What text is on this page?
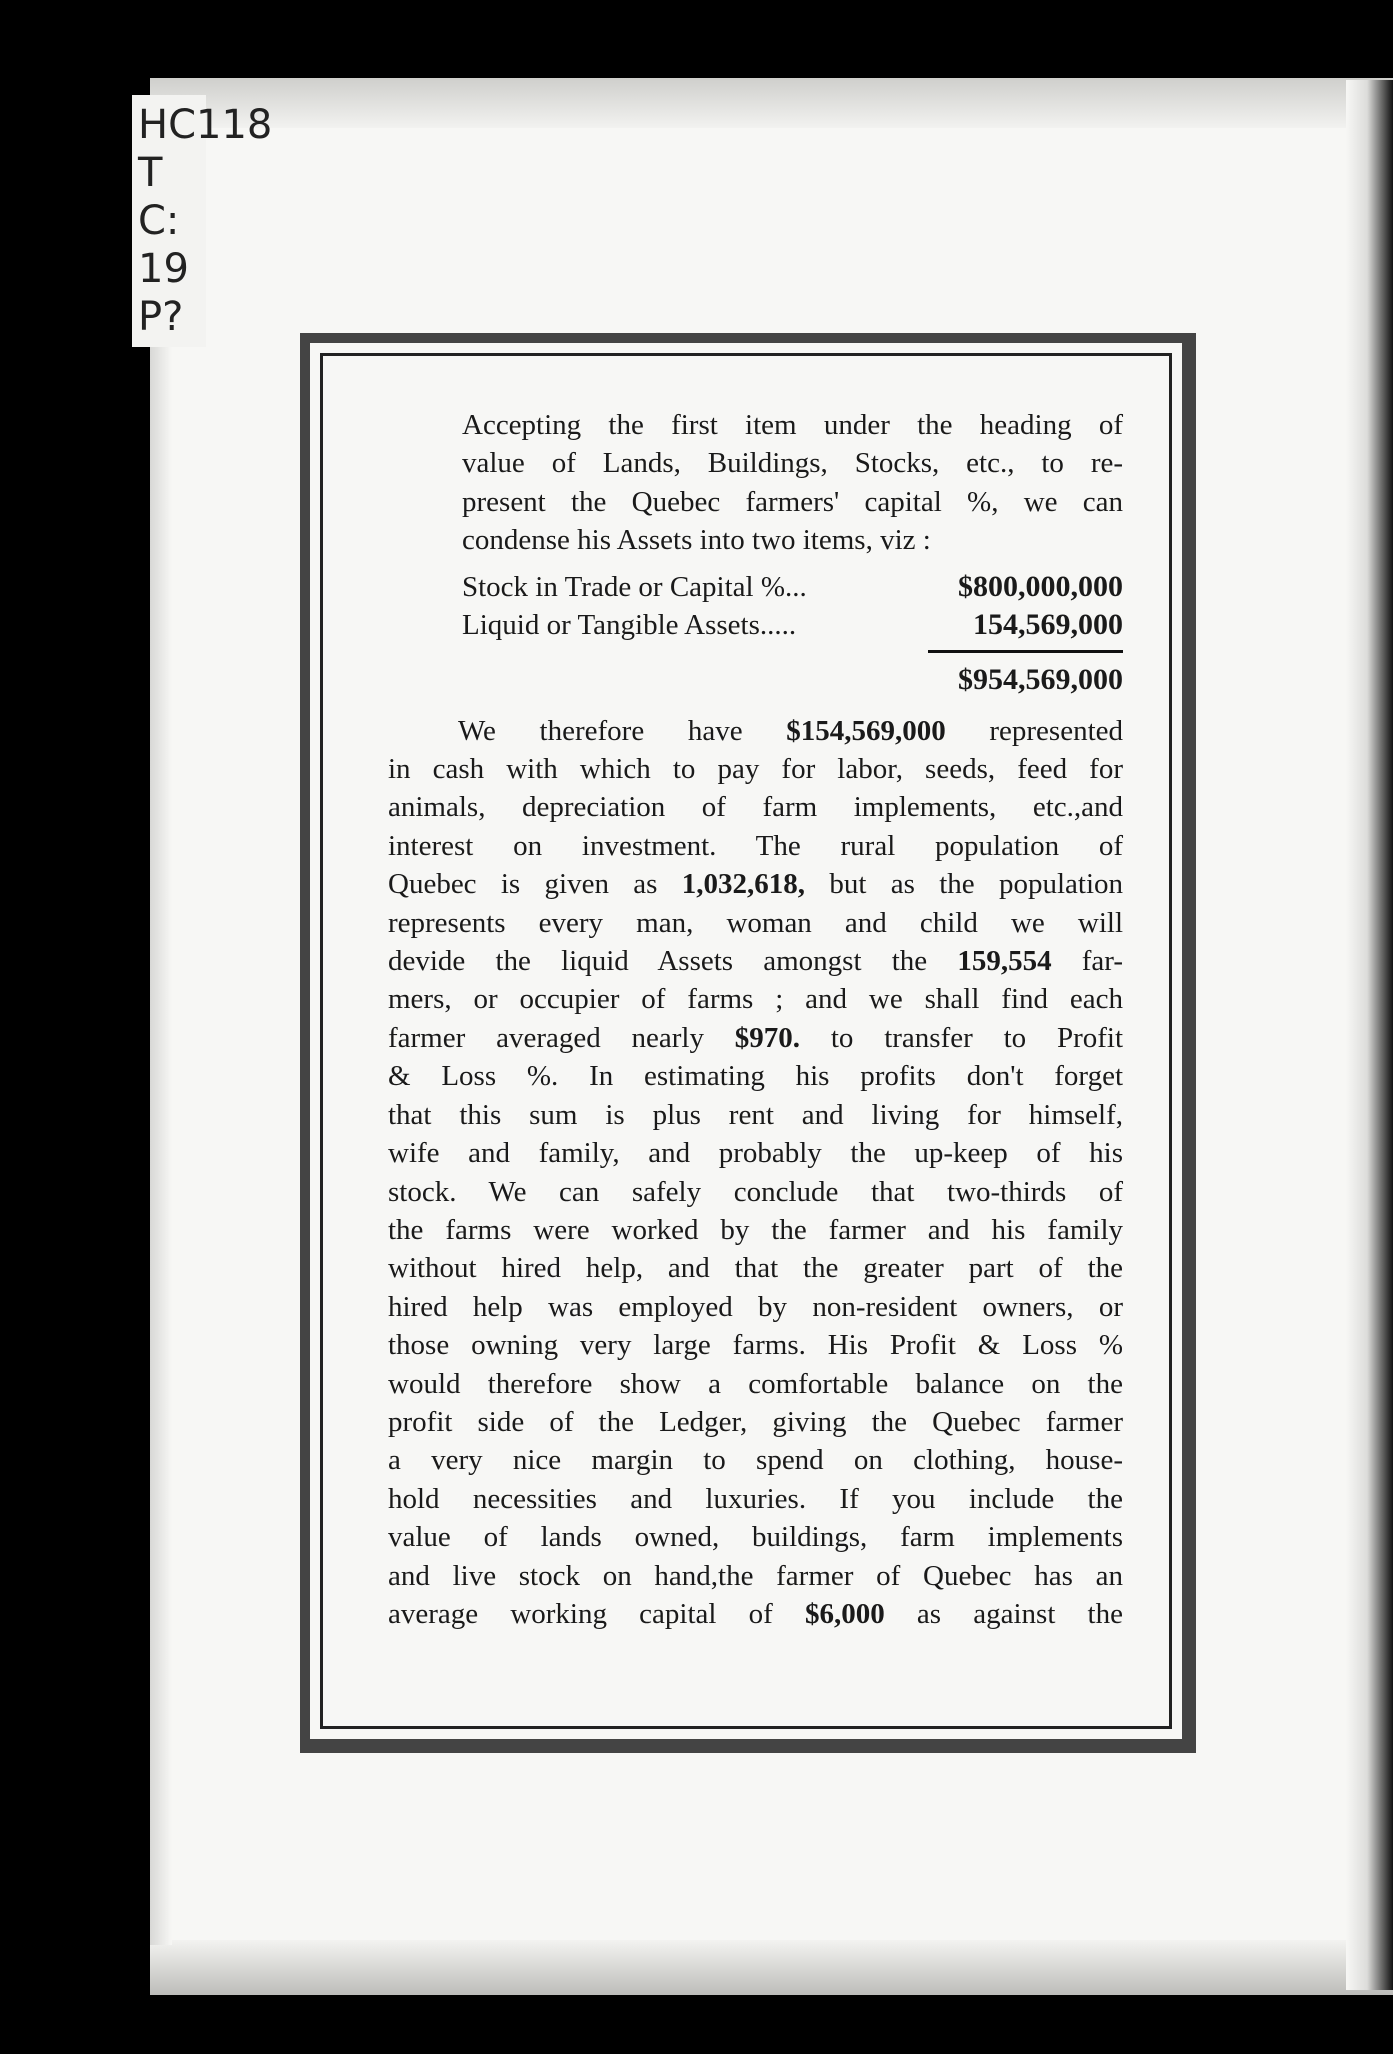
HC118
T
C:
19
P?
Accepting the first item under the heading of
value of Lands, Buildings, Stocks, etc., to re-
present the Quebec farmers' capital %, we can
condense his Assets into two items, viz :
Stock in Trade or Capital %...	$800,000,000
Liquid or Tangible Assets.....	154,569,000
$954,569,000
We therefore have $154,569,000 represented
in cash with which to pay for labor, seeds, feed for
animals, depreciation of farm implements, etc.,and
interest on investment. The rural population of
Quebec is given as 1,032,618, but as the population
represents every man, woman and child we will
devide the liquid Assets amongst the 159,554 far-
mers, or occupier of farms ; and we shall find each
farmer averaged nearly $970. to transfer to Profit
& Loss %. In estimating his profits don't forget
that this sum is plus rent and living for himself,
wife and family, and probably the up-keep of his
stock. We can safely conclude that two-thirds of
the farms were worked by the farmer and his family
without hired help, and that the greater part of the
hired help was employed by non-resident owners, or
those owning very large farms. His Profit & Loss %
would therefore show a comfortable balance on the
profit side of the Ledger, giving the Quebec farmer
a very nice margin to spend on clothing, house-
hold necessities and luxuries. If you include the
value of lands owned, buildings, farm implements
and live stock on hand,the farmer of Quebec has an
average working capital of $6,000 as against the
